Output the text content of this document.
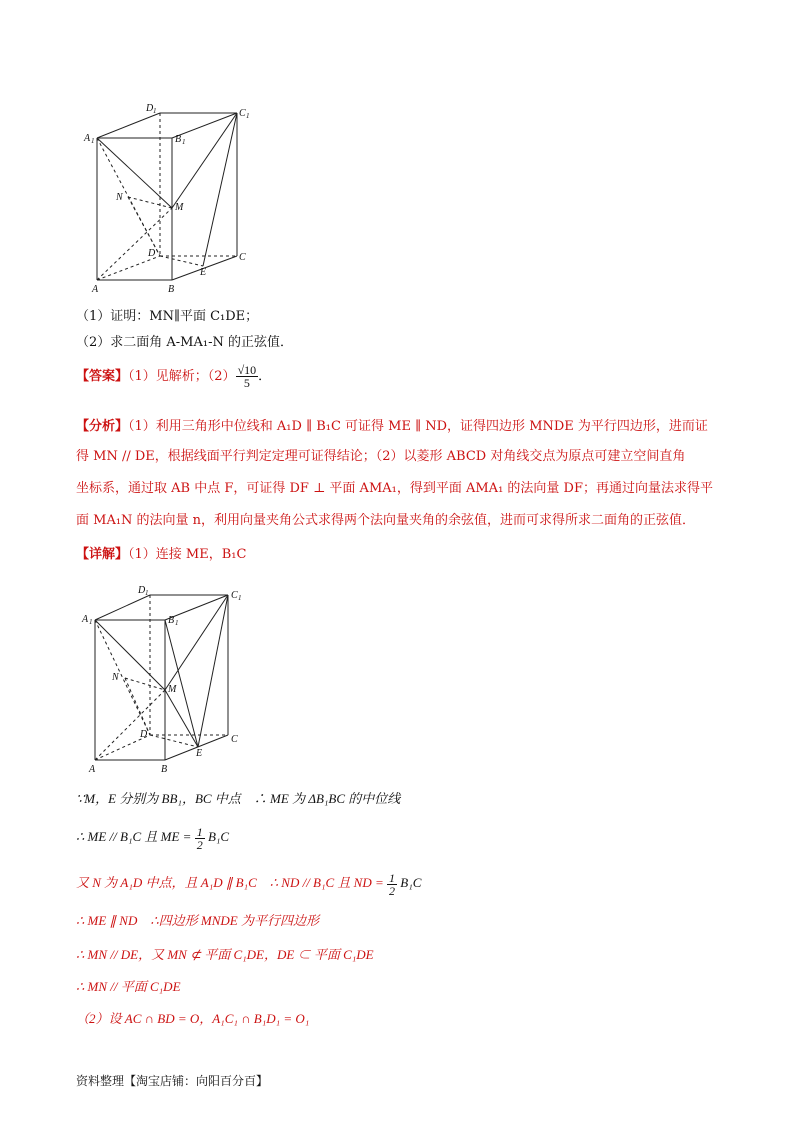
A 1
D 1	C 1
B 1
N
M
D	C
E
A	B
（1）证明：MN∥平面 C₁DE；
（2）求二面角 A-MA₁-N 的正弦值．
【答案】（1）见解析；$(2) \frac{√10}{5}$ ．
【分析】（1）利用三角形中位线和 A₁D ∥ B₁C 可证得 ME ∥ ND，证得四边形 MNDE 为平行四边形，进而证
得 MN // DE，根据线面平行判定定理可证得结论；（2）以菱形 ABCD 对角线交点为原点可建立空间直角
坐标系，通过取 AB 中点 F，可证得 DF ⊥ 平面 AMA₁，得到平面 AMA₁ 的法向量 DF；再通过向量法求得平
面 MA₁N 的法向量 n，利用向量夹角公式求得两个法向量夹角的余弦值，进而可求得所求二面角的正弦值．
【详解】（1）连接 ME，B₁C
A 1
D 1	C 1
B 1
N
M
D	C
E
A	B
∵M，E 分别为 BB₁，BC 中点　∴ ME 为 ΔB₁BC 的中位线
∴ ME // B₁C 且 ME = $\frac{1}{2} B_1C$
又 N 为 A₁D 中点，且 A₁D ∥ B₁C　∴ ND // B₁C 且 ND = $\frac{1}{2} B_1C$
∴ ME ∥ ND　∴四边形 MNDE 为平行四边形
∴ MN // DE，又 MN ⊄ 平面 C₁DE，DE ⊂ 平面 C₁DE
∴ MN // 平面 C₁DE
（2）设 AC ∩ BD = O，A₁C₁ ∩ B₁D₁ = O₁
资料整理【淘宝店铺：向阳百分百】
